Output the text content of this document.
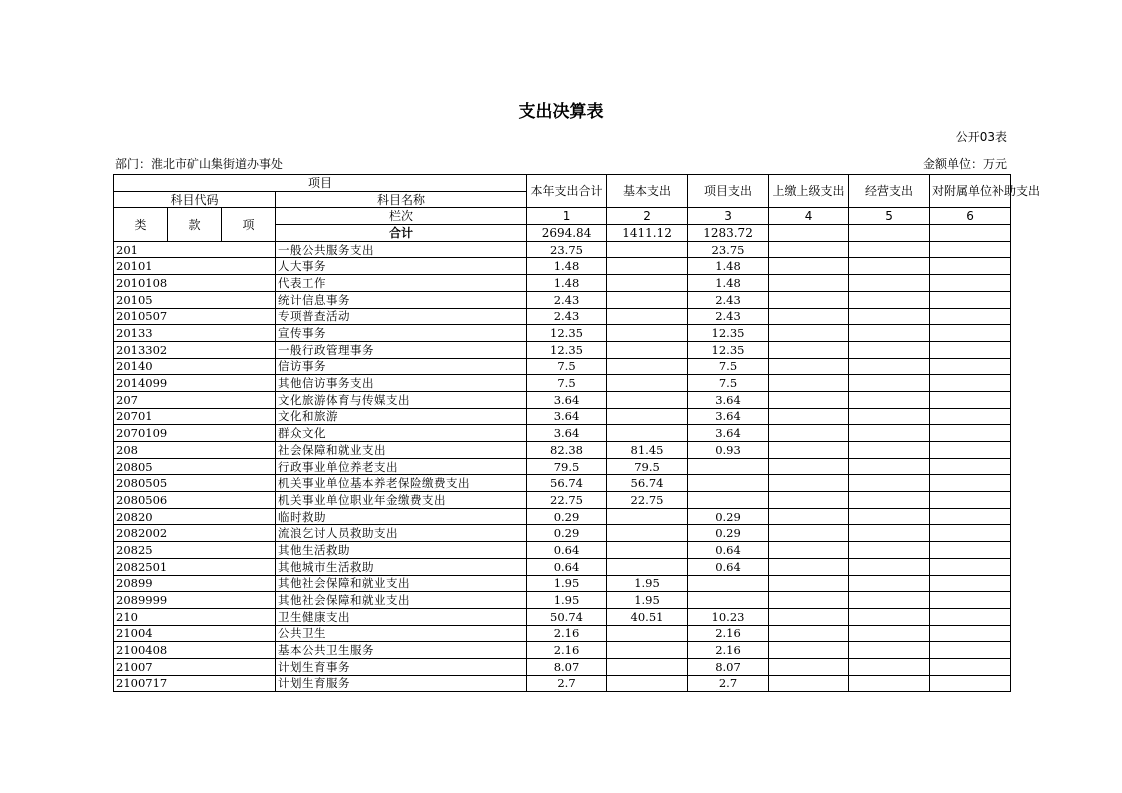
支出决算表
公开03表
部门：淮北市矿山集街道办事处	金额单位：万元
项目				本年支出合计	基本支出	项目支出	上缴上级支出	经营支出	对附属单位补助支出
科目代码			科目名称						
类	款	项	栏次	1	2	3	4	5	6
			合计	2694.84	1411.12	1283.72			
201			一般公共服务支出	23.75		23.75			
20101			人大事务	1.48		1.48			
2010108			代表工作	1.48		1.48			
20105			统计信息事务	2.43		2.43			
2010507			专项普查活动	2.43		2.43			
20133			宣传事务	12.35		12.35			
2013302			一般行政管理事务	12.35		12.35			
20140			信访事务	7.5		7.5			
2014099			其他信访事务支出	7.5		7.5			
207			文化旅游体育与传媒支出	3.64		3.64			
20701			文化和旅游	3.64		3.64			
2070109			群众文化	3.64		3.64			
208			社会保障和就业支出	82.38	81.45	0.93			
20805			行政事业单位养老支出	79.5	79.5				
2080505			机关事业单位基本养老保险缴费支出	56.74	56.74				
2080506			机关事业单位职业年金缴费支出	22.75	22.75				
20820			临时救助	0.29		0.29			
2082002			流浪乞讨人员救助支出	0.29		0.29			
20825			其他生活救助	0.64		0.64			
2082501			其他城市生活救助	0.64		0.64			
20899			其他社会保障和就业支出	1.95	1.95				
2089999			其他社会保障和就业支出	1.95	1.95				
210			卫生健康支出	50.74	40.51	10.23			
21004			公共卫生	2.16		2.16			
2100408			基本公共卫生服务	2.16		2.16			
21007			计划生育事务	8.07		8.07			
2100717			计划生育服务	2.7		2.7			
